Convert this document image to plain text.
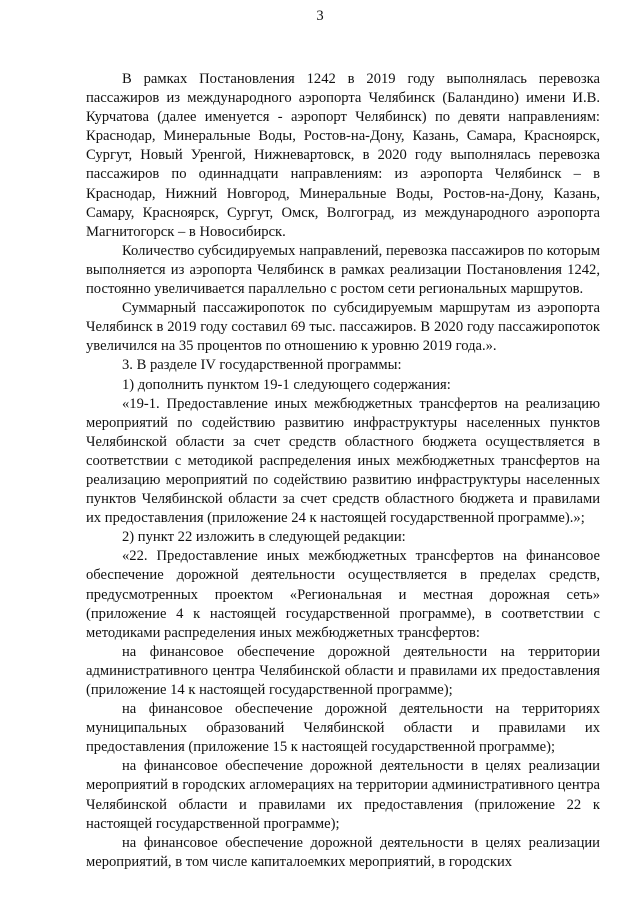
3

В рамках Постановления 1242 в 2019 году выполнялась перевозка пассажиров из международного аэропорта Челябинск (Баландино) имени И.В. Курчатова (далее именуется - аэропорт Челябинск) по девяти направлениям: Краснодар, Минеральные Воды, Ростов-на-Дону, Казань, Самара, Красноярск, Сургут, Новый Уренгой, Нижневартовск, в 2020 году выполнялась перевозка пассажиров по одиннадцати направлениям: из аэропорта Челябинск – в Краснодар, Нижний Новгород, Минеральные Воды, Ростов-на-Дону, Казань, Самару, Красноярск, Сургут, Омск, Волгоград, из международного аэропорта Магнитогорск – в Новосибирск.

Количество субсидируемых направлений, перевозка пассажиров по которым выполняется из аэропорта Челябинск в рамках реализации Постановления 1242, постоянно увеличивается параллельно с ростом сети региональных маршрутов.

Суммарный пассажиропоток по субсидируемым маршрутам из аэропорта Челябинск в 2019 году составил 69 тыс. пассажиров. В 2020 году пассажиропоток увеличился на 35 процентов по отношению к уровню 2019 года.».

3. В разделе IV государственной программы:

1) дополнить пунктом 19-1 следующего содержания:

«19-1. Предоставление иных межбюджетных трансфертов на реализацию мероприятий по содействию развитию инфраструктуры населенных пунктов Челябинской области за счет средств областного бюджета осуществляется в соответствии с методикой распределения иных межбюджетных трансфертов на реализацию мероприятий по содействию развитию инфраструктуры населенных пунктов Челябинской области за счет средств областного бюджета и правилами их предоставления (приложение 24 к настоящей государственной программе).»;

2) пункт 22 изложить в следующей редакции:

«22. Предоставление иных межбюджетных трансфертов на финансовое обеспечение дорожной деятельности осуществляется в пределах средств, предусмотренных проектом «Региональная и местная дорожная сеть» (приложение 4 к настоящей государственной программе), в соответствии с методиками распределения иных межбюджетных трансфертов:

на финансовое обеспечение дорожной деятельности на территории административного центра Челябинской области и правилами их предоставления (приложение 14 к настоящей государственной программе);

на финансовое обеспечение дорожной деятельности на территориях муниципальных образований Челябинской области и правилами их предоставления (приложение 15 к настоящей государственной программе);

на финансовое обеспечение дорожной деятельности в целях реализации мероприятий в городских агломерациях на территории административного центра Челябинской области и правилами их предоставления (приложение 22 к настоящей государственной программе);

на финансовое обеспечение дорожной деятельности в целях реализации мероприятий, в том числе капиталоемких мероприятий, в городских
